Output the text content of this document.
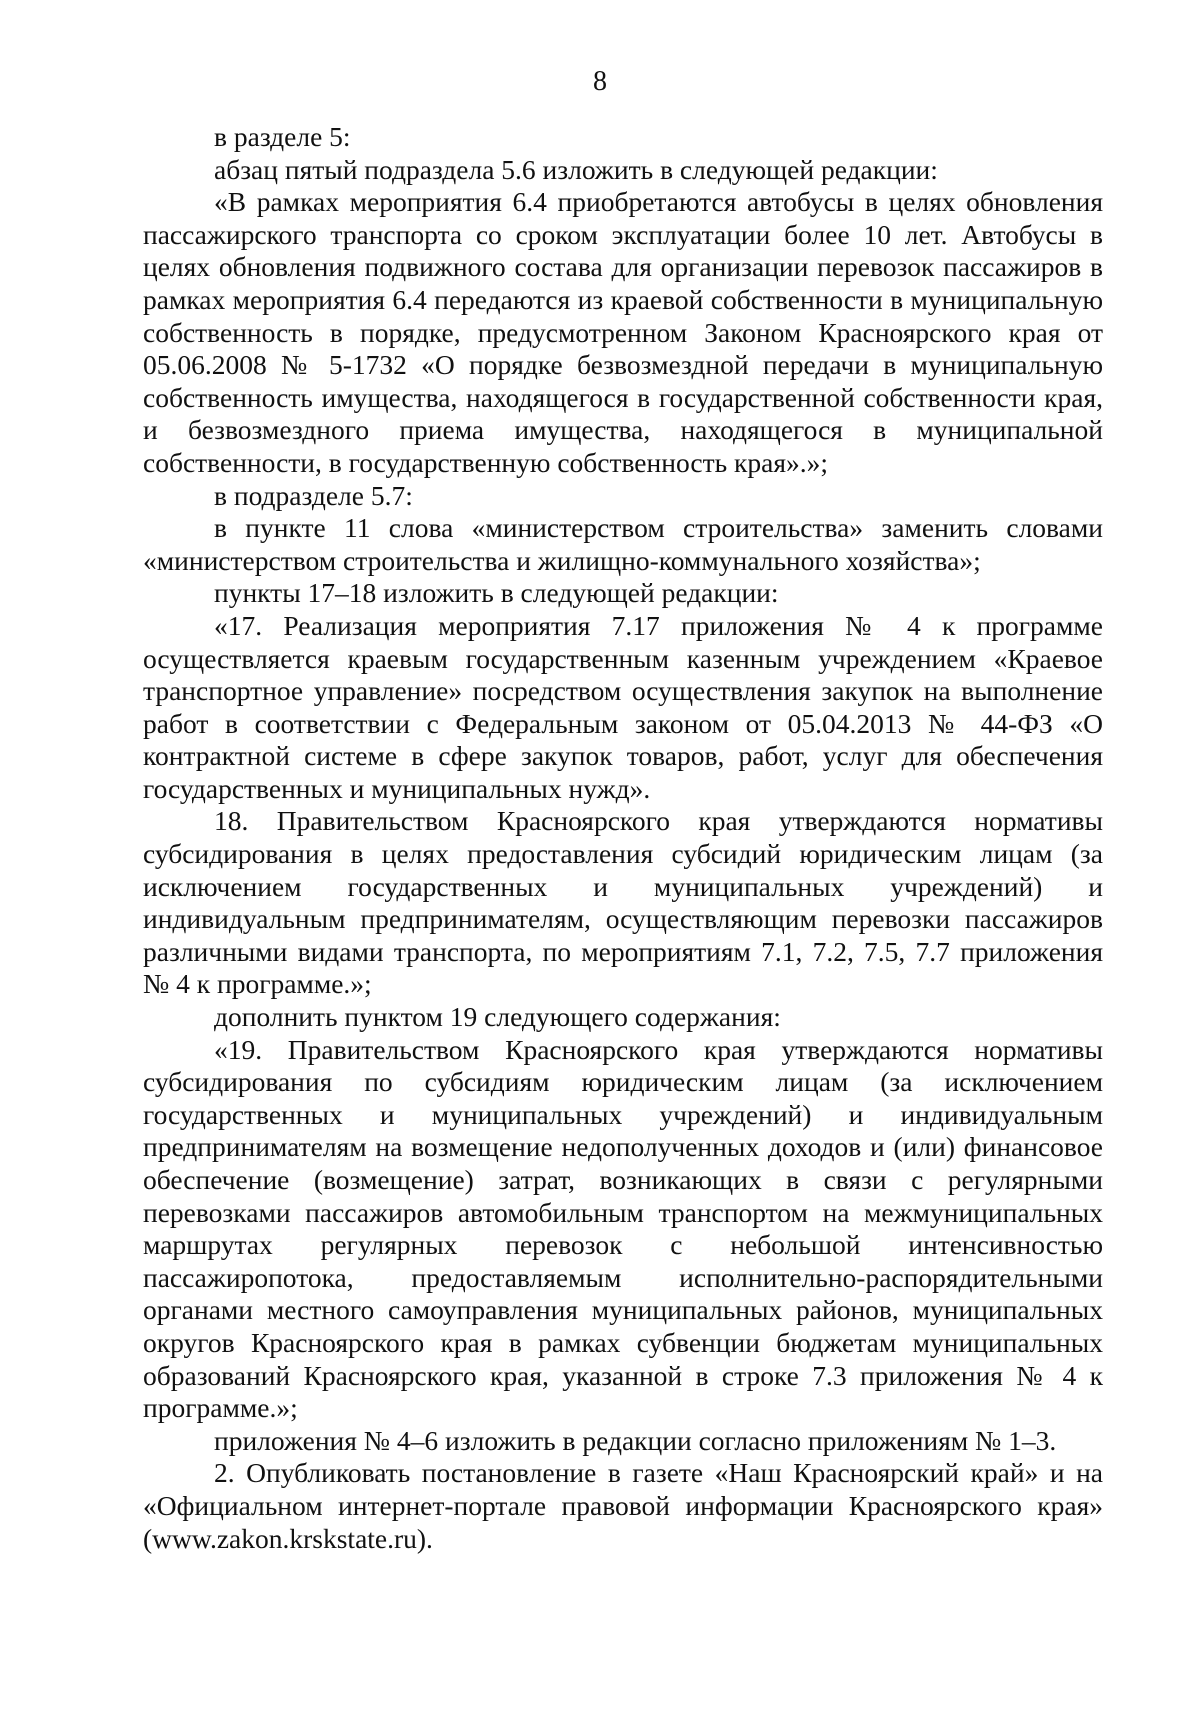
8

в разделе 5:

абзац пятый подраздела 5.6 изложить в следующей редакции:

«В рамках мероприятия 6.4 приобретаются автобусы в целях обновления пассажирского транспорта со сроком эксплуатации более 10 лет. Автобусы в целях обновления подвижного состава для организации перевозок пассажиров в рамках мероприятия 6.4 передаются из краевой собственности в муниципальную собственность в порядке, предусмотренном Законом Красноярского края от 05.06.2008 № 5-1732 «О порядке безвозмездной передачи в муниципальную собственность имущества, находящегося в государственной собственности края, и безвозмездного приема имущества, находящегося в муниципальной собственности, в государственную собственность края».»;

в подразделе 5.7:

в пункте 11 слова «министерством строительства» заменить словами «министерством строительства и жилищно-коммунального хозяйства»;

пункты 17–18 изложить в следующей редакции:

«17. Реализация мероприятия 7.17 приложения № 4 к программе осуществляется краевым государственным казенным учреждением «Краевое транспортное управление» посредством осуществления закупок на выполнение работ в соответствии с Федеральным законом от 05.04.2013 № 44-ФЗ «О контрактной системе в сфере закупок товаров, работ, услуг для обеспечения государственных и муниципальных нужд».

18. Правительством Красноярского края утверждаются нормативы субсидирования в целях предоставления субсидий юридическим лицам (за исключением государственных и муниципальных учреждений) и индивидуальным предпринимателям, осуществляющим перевозки пассажиров различными видами транспорта, по мероприятиям 7.1, 7.2, 7.5, 7.7 приложения № 4 к программе.»;

дополнить пунктом 19 следующего содержания:

«19. Правительством Красноярского края утверждаются нормативы субсидирования по субсидиям юридическим лицам (за исключением государственных и муниципальных учреждений) и индивидуальным предпринимателям на возмещение недополученных доходов и (или) финансовое обеспечение (возмещение) затрат, возникающих в связи с регулярными перевозками пассажиров автомобильным транспортом на межмуниципальных маршрутах регулярных перевозок с небольшой интенсивностью пассажиропотока, предоставляемым исполнительно-распорядительными органами местного самоуправления муниципальных районов, муниципальных округов Красноярского края в рамках субвенции бюджетам муниципальных образований Красноярского края, указанной в строке 7.3 приложения № 4 к программе.»;

приложения № 4–6 изложить в редакции согласно приложениям № 1–3.

2. Опубликовать постановление в газете «Наш Красноярский край» и на «Официальном интернет-портале правовой информации Красноярского края» (www.zakon.krskstate.ru).
